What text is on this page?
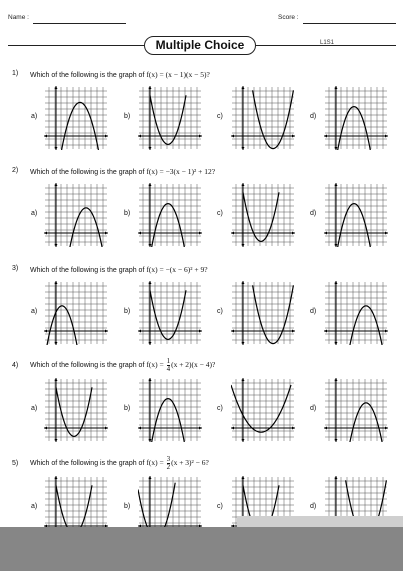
Name :	Score :
Multiple Choice	L1S1
1) Which of the following is the graph of f(x) = (x − 1)(x − 5)?
a)	b)	c)	d)
2) Which of the following is the graph of f(x) = −3(x − 1)² + 12?
a)	b)	c)	d)
3) Which of the following is the graph of f(x) = −(x − 6)² + 9?
a)	b)	c)	d)
4) Which of the following is the graph of $f(x) = \frac{1}{4} (x + 2)(x - 4)$?
a)	b)	c)	d)
5) Which of the following is the graph of $f(x) = \frac{3}{2} (x + 3)^2 - 6$?
a)	b)	c)	d)
